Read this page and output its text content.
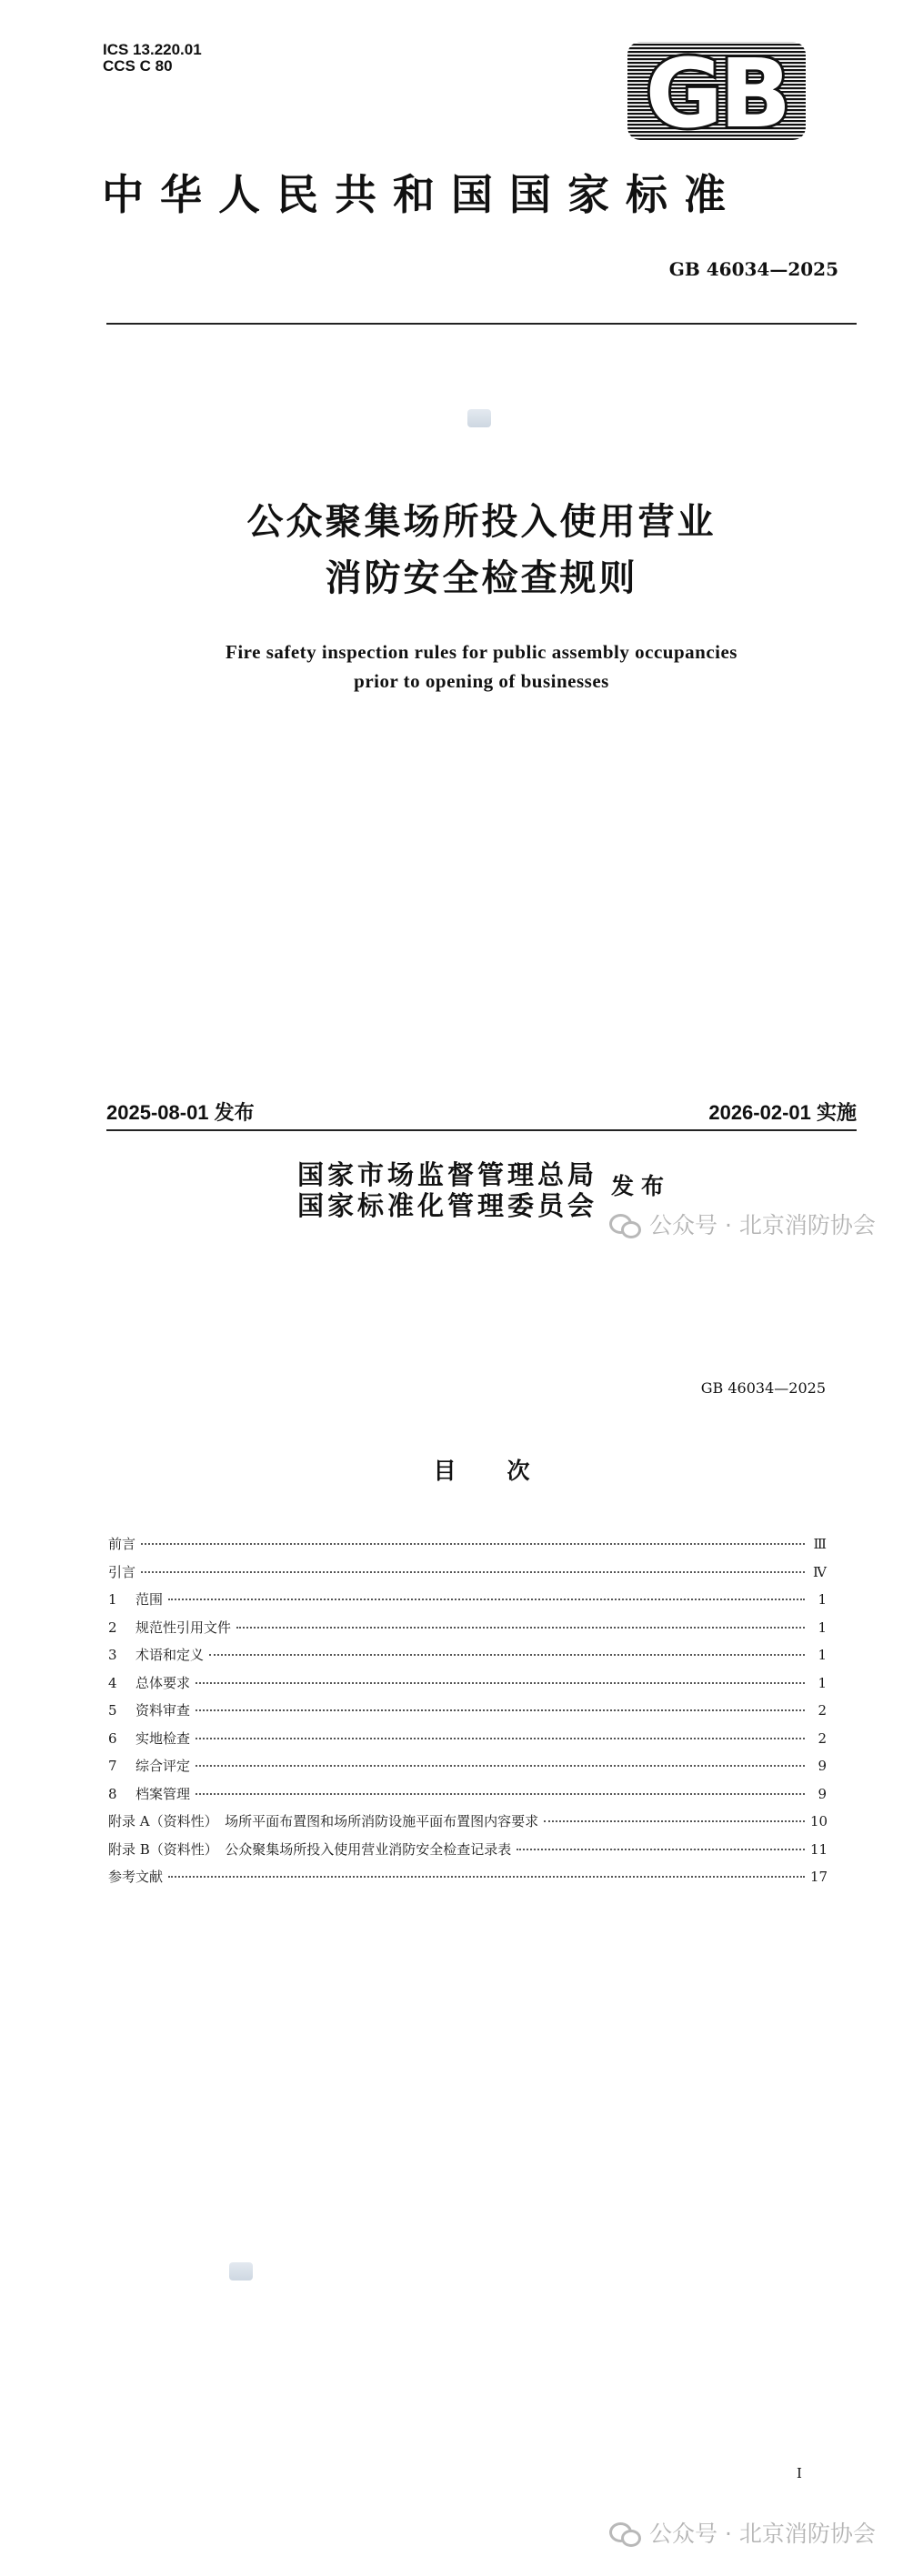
ICS 13.220.01
CCS C 80	GB
中华人民共和国国家标准
GB 46034—2025
公众聚集场所投入使用营业
消防安全检查规则
Fire safety inspection rules for public assembly occupancies
prior to opening of businesses
2025-08-01 发布	2026-02-01 实施
国家市场监督管理总局
国家标准化管理委员会
发布
公众号 · 北京消防协会
GB 46034—2025
目次
前言	Ⅲ
引言	Ⅳ
1	范围	1
2	规范性引用文件	1
3	术语和定义	1
4	总体要求	1
5	资料审查	2
6	实地检查	2
7	综合评定	9
8	档案管理	9
附录 A（资料性）　场所平面布置图和场所消防设施平面布置图内容要求	10
附录 B（资料性）　公众聚集场所投入使用营业消防安全检查记录表	11
参考文献	17
I
公众号 · 北京消防协会
